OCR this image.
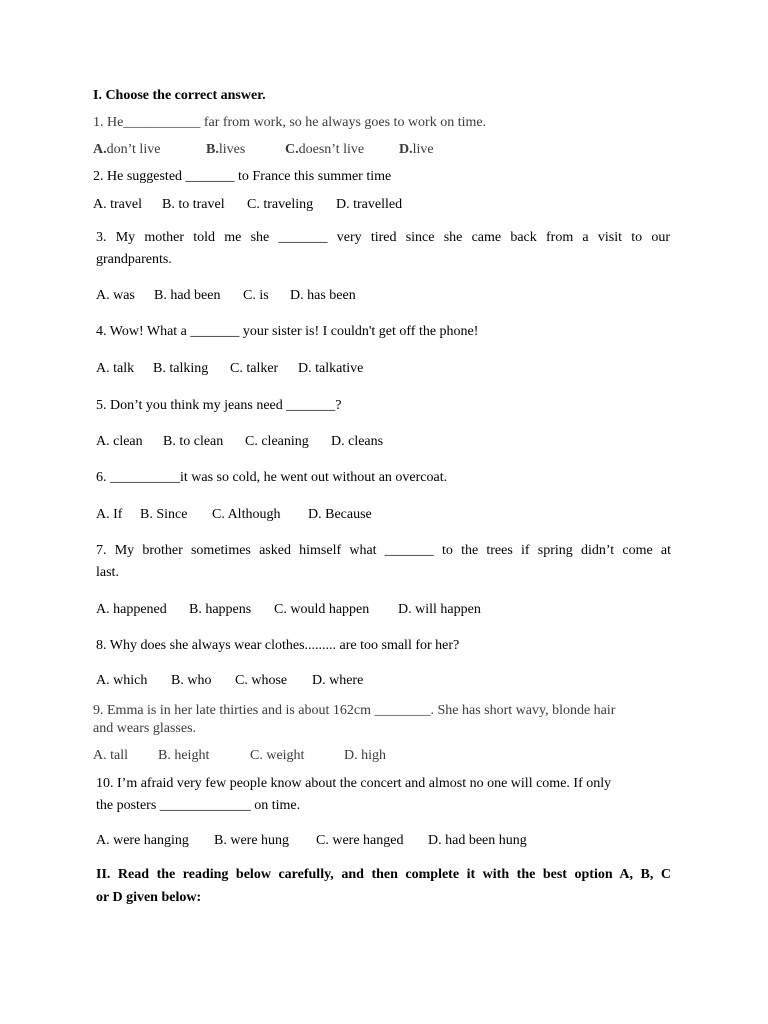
I. Choose the correct answer.
1. He___________ far from work, so he always goes to work on time.
A.don’t live	B.lives	C.doesn’t live	D.live
2. He suggested _______ to France this summer time
A. travel	B. to travel	C. traveling	D. travelled
3. My mother told me she _______ very tired since she came back from a visit to our
grandparents.
A. was	B. had been	C. is	D. has been
4. Wow! What a _______ your sister is! I couldn't get off the phone!
A. talk	B. talking	C. talker	D. talkative
5. Don’t you think my jeans need _______?
A. clean	B. to clean	C. cleaning	D. cleans
6. __________it was so cold, he went out without an overcoat.
A. If	B. Since	C. Although	D. Because
7. My brother sometimes asked himself what _______ to the trees if spring didn’t come at
last.
A. happened	B. happens	C. would happen	D. will happen
8. Why does she always wear clothes......... are too small for her?
A. which	B. who	C. whose	D. where
9. Emma is in her late thirties and is about 162cm ________. She has short wavy, blonde hair
and wears glasses.
A. tall	B. height	C. weight	D. high
10. I’m afraid very few people know about the concert and almost no one will come. If only
the posters _____________ on time.
A. were hanging	B. were hung	C. were hanged	D. had been hung
II. Read the reading below carefully, and then complete it with the best option A, B, C
or D given below:
